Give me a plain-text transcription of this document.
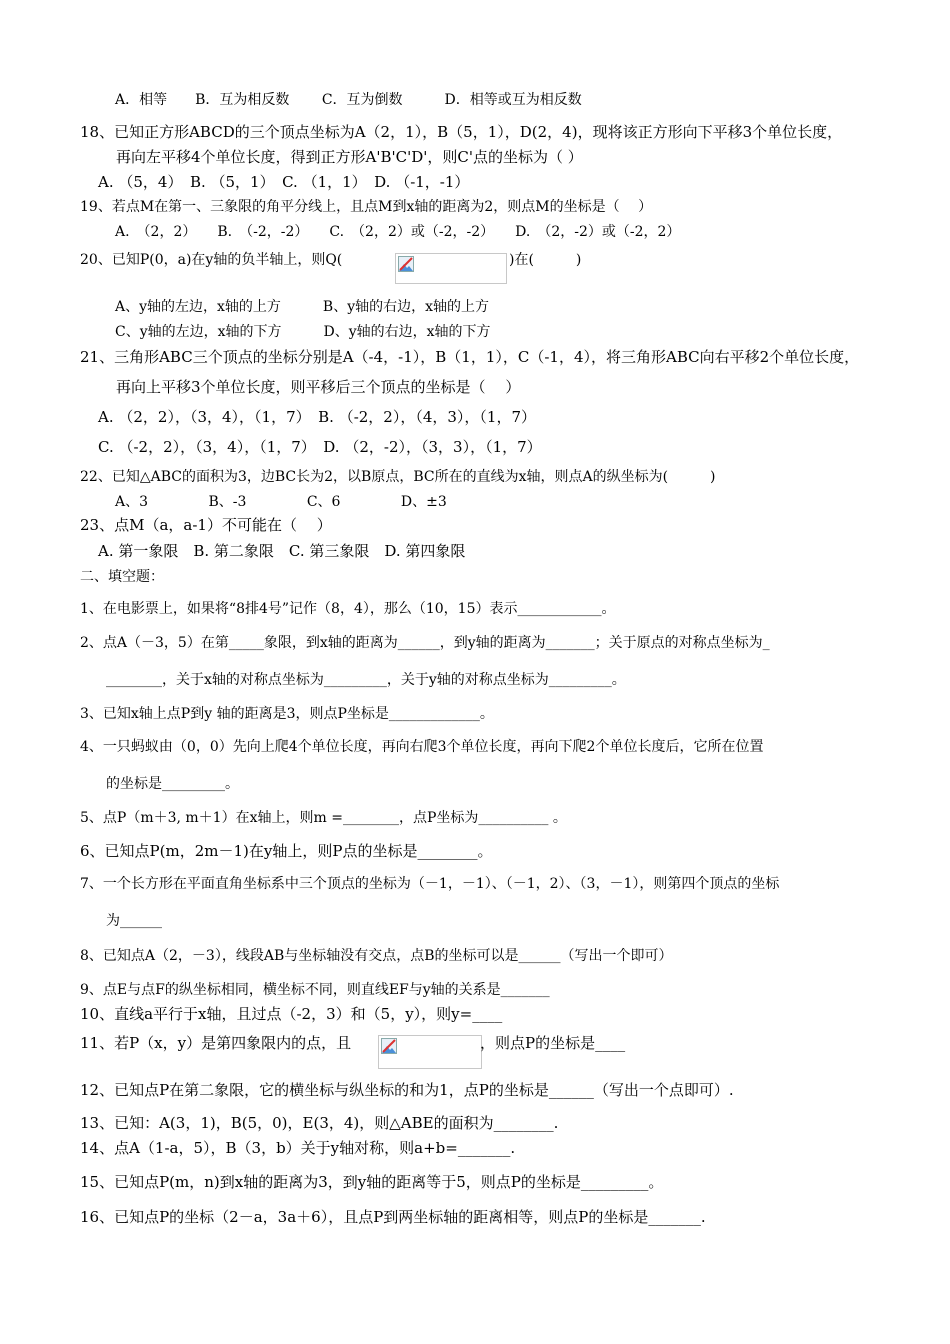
A．相等　　B．互为相反数　　 C．互为倒数　　　D．相等或互为相反数
18、已知正方形ABCD的三个顶点坐标为A（2，1），B（5，1），D(2，4)，现将该正方形向下平移3个单位长度，
再向左平移4个单位长度，得到正方形A'B'C'D'，则C'点的坐标为（ ）
A. （5，4）　B. （5，1）　C. （1，1）　D. （-1，-1）
19、若点M在第一、三象限的角平分线上，且点M到x轴的距离为2，则点M的坐标是（　 ）
A.　（2，2）　　B.　（-2，-2）　　C.　（2，2）或（-2，-2）　　D.　（2，-2）或（-2，2）
20、已知P(0，a)在y轴的负半轴上，则Q(	)在(　　　)
A、y轴的左边，x轴的上方　　　B、y轴的右边，x轴的上方
C、y轴的左边，x轴的下方　　　D、y轴的右边，x轴的下方
21、三角形ABC三个顶点的坐标分别是A（-4，-1），B（1，1），C（-1，4），将三角形ABC向右平移2个单位长度，
再向上平移3个单位长度，则平移后三个顶点的坐标是（　 ）
A. （2，2），（3，4），（1，7）　B. （-2，2），（4，3），（1，7）
C. （-2，2），（3，4），（1，7）　D. （2，-2），（3，3），（1，7）
22、已知△ABC的面积为3，边BC长为2，以B原点，BC所在的直线为x轴，则点A的纵坐标为(　　　)
A、3　　　　 B、-3　　　　 C、6　　　　 D、±3
23、点M（a，a-1）不可能在（　 ）
A. 第一象限　B. 第二象限　C. 第三象限　D. 第四象限
二、填空题：
1、在电影票上，如果将“8排4号”记作（8，4），那么（10，15）表示____________。
2、点A（－3，5）在第_____象限，到x轴的距离为______，到y轴的距离为_______；关于原点的对称点坐标为_
________，关于x轴的对称点坐标为_________，关于y轴的对称点坐标为_________。
3、已知x轴上点P到y 轴的距离是3，则点P坐标是_____________。
4、一只蚂蚁由（0，0）先向上爬4个单位长度，再向右爬3个单位长度，再向下爬2个单位长度后，它所在位置
的坐标是_________。
5、点P（m＋3, m＋1）在x轴上，则m =________，点P坐标为__________ 。
6、已知点P(m，2m－1)在y轴上，则P点的坐标是________。
7、一个长方形在平面直角坐标系中三个顶点的坐标为（－1，－1）、（－1，2）、（3，－1），则第四个顶点的坐标
为______
8、已知点A（2，－3），线段AB与坐标轴没有交点，点B的坐标可以是______（写出一个即可）
9、点E与点F的纵坐标相同，横坐标不同，则直线EF与y轴的关系是_______
10、直线a平行于x轴，且过点（-2，3）和（5，y），则y=____
11、若P（x，y）是第四象限内的点，且	，则点P的坐标是____
12、已知点P在第二象限，它的横坐标与纵坐标的和为1，点P的坐标是______（写出一个点即可）.
13、已知：A(3，1)，B(5，0)，E(3，4)，则△ABE的面积为________.
14、点A（1-a，5），B（3，b）关于y轴对称，则a+b=_______.
15、已知点P(m，n)到x轴的距离为3，到y轴的距离等于5，则点P的坐标是_________。
16、已知点P的坐标（2－a，3a＋6），且点P到两坐标轴的距离相等，则点P的坐标是_______.
